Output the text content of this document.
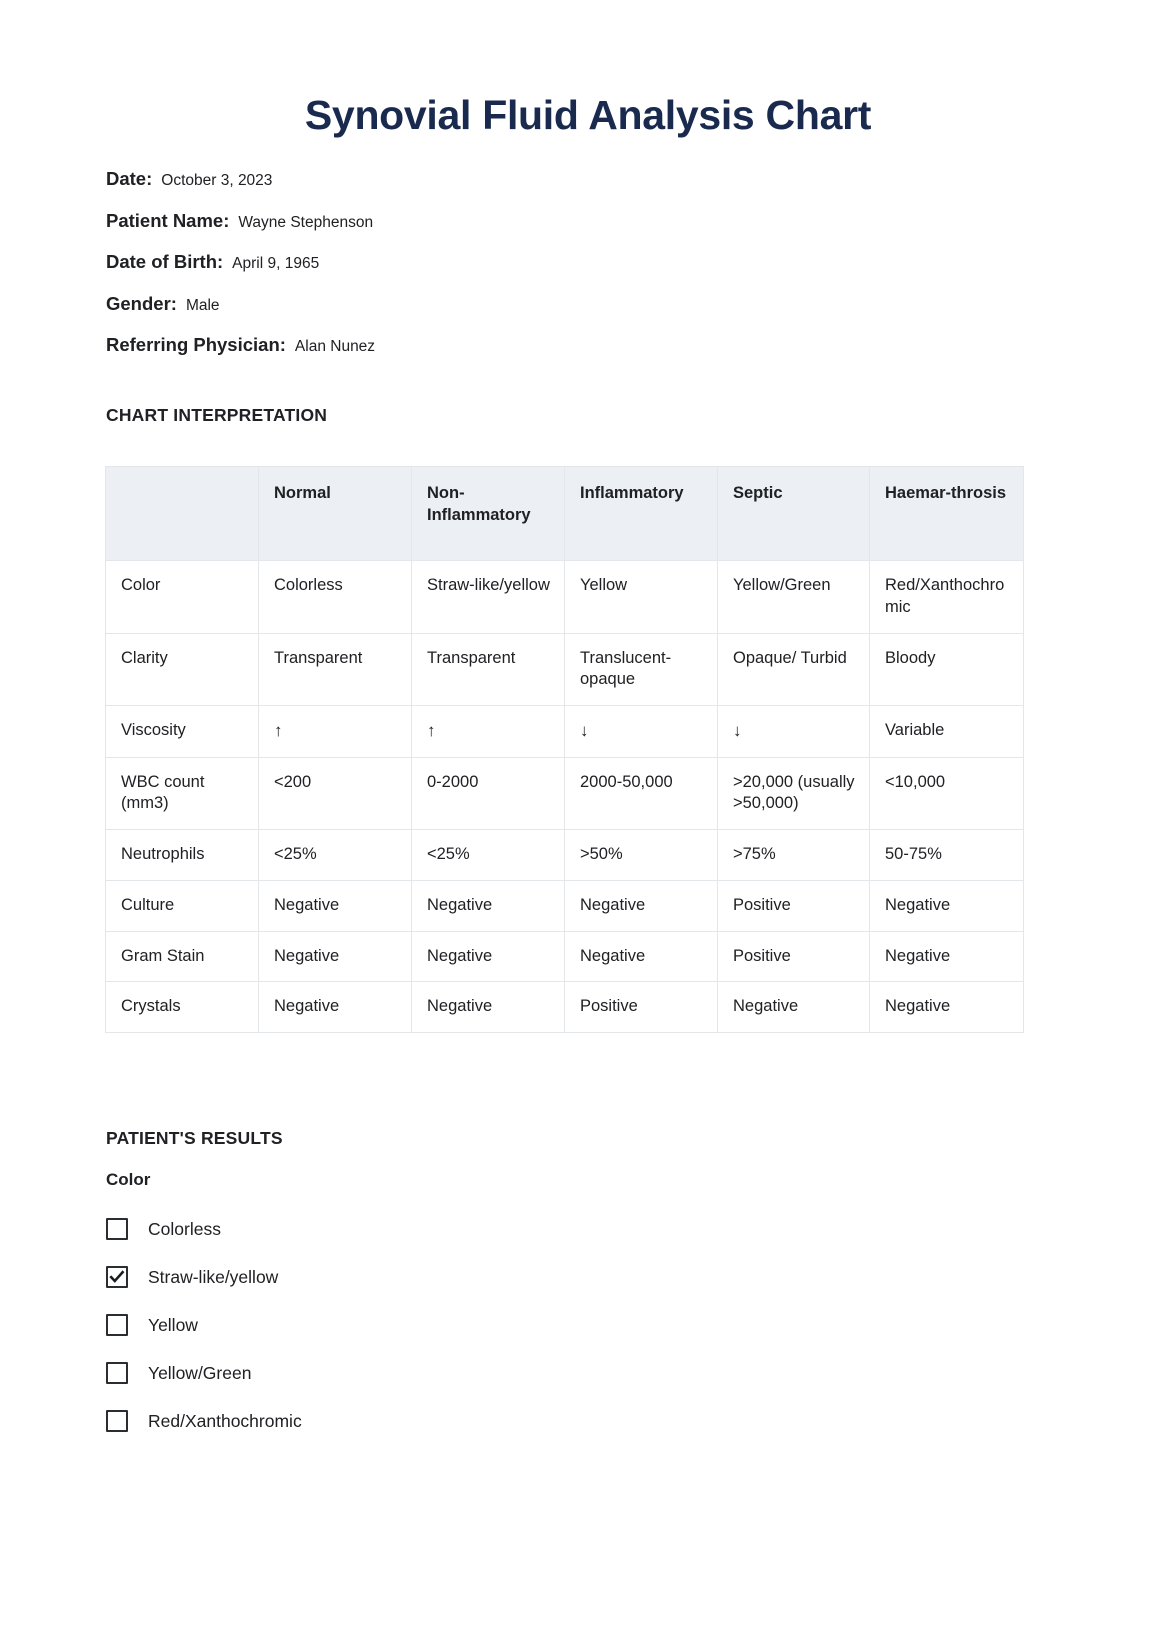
Synovial Fluid Analysis Chart
Date: October 3, 2023
Patient Name: Wayne Stephenson
Date of Birth: April 9, 1965
Gender: Male
Referring Physician: Alan Nunez
CHART INTERPRETATION
	Normal	Non-Inflammatory	Inflammatory	Septic	Haemar-throsis
Color	Colorless	Straw-like/yellow	Yellow	Yellow/Green	Red/Xanthochromic
Clarity	Transparent	Transparent	Translucent-opaque	Opaque/ Turbid	Bloody
Viscosity	↑	↑	↓	↓	Variable
WBC count (mm3)	<200	0-2000	2000-50,000	>20,000 (usually >50,000)	<10,000
Neutrophils	<25%	<25%	>50%	>75%	50-75%
Culture	Negative	Negative	Negative	Positive	Negative
Gram Stain	Negative	Negative	Negative	Positive	Negative
Crystals	Negative	Negative	Positive	Negative	Negative
PATIENT'S RESULTS
Color
Colorless
Straw-like/yellow
Yellow
Yellow/Green
Red/Xanthochromic
